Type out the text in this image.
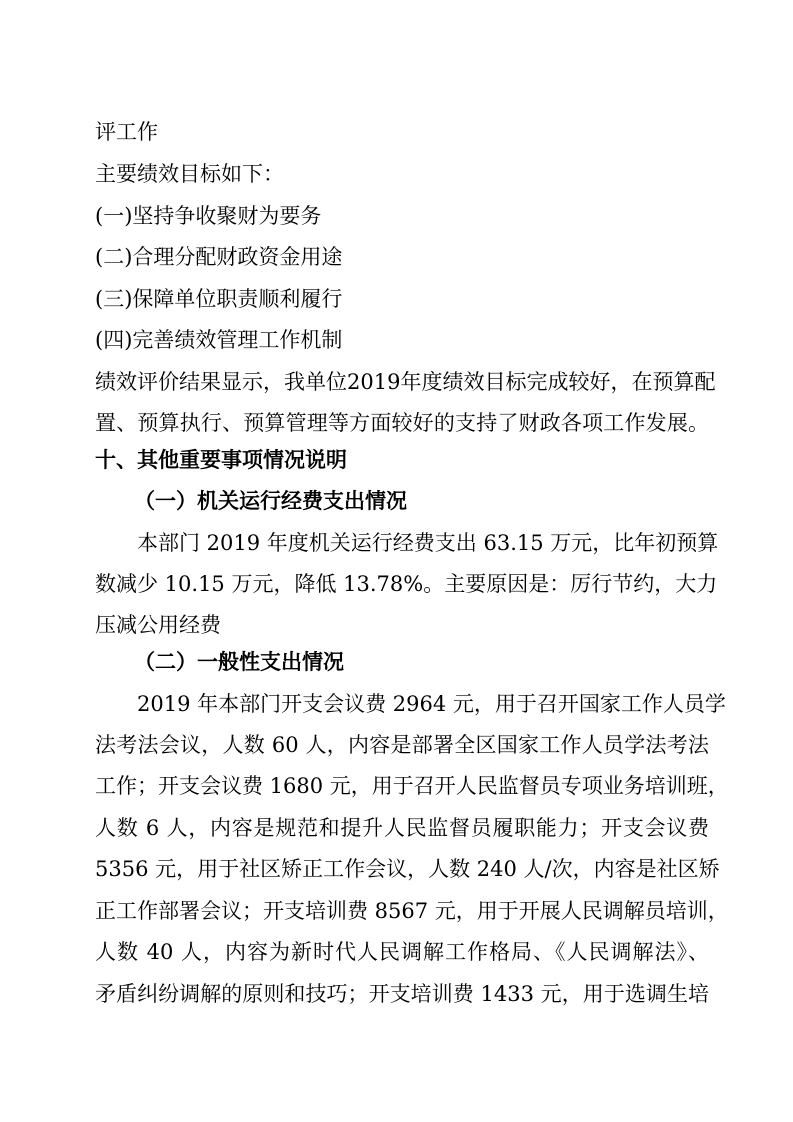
评工作
主要绩效目标如下：
(一)坚持争收聚财为要务
(二)合理分配财政资金用途
(三)保障单位职责顺利履行
(四)完善绩效管理工作机制
绩效评价结果显示，我单位2019年度绩效目标完成较好，在预算配
置、预算执行、预算管理等方面较好的支持了财政各项工作发展。
十、其他重要事项情况说明
（一）机关运行经费支出情况
本部门 2019 年度机关运行经费支出 63.15 万元，比年初预算
数减少 10.15 万元，降低 13.78%。主要原因是：厉行节约，大力
压减公用经费
（二）一般性支出情况
2019 年本部门开支会议费 2964 元，用于召开国家工作人员学
法考法会议，人数 60 人，内容是部署全区国家工作人员学法考法
工作；开支会议费 1680 元，用于召开人民监督员专项业务培训班，
人数 6 人，内容是规范和提升人民监督员履职能力；开支会议费
5356 元，用于社区矫正工作会议，人数 240 人/次，内容是社区矫
正工作部署会议；开支培训费 8567 元，用于开展人民调解员培训，
人数 40 人，内容为新时代人民调解工作格局、《人民调解法》、
矛盾纠纷调解的原则和技巧；开支培训费 1433 元，用于选调生培
